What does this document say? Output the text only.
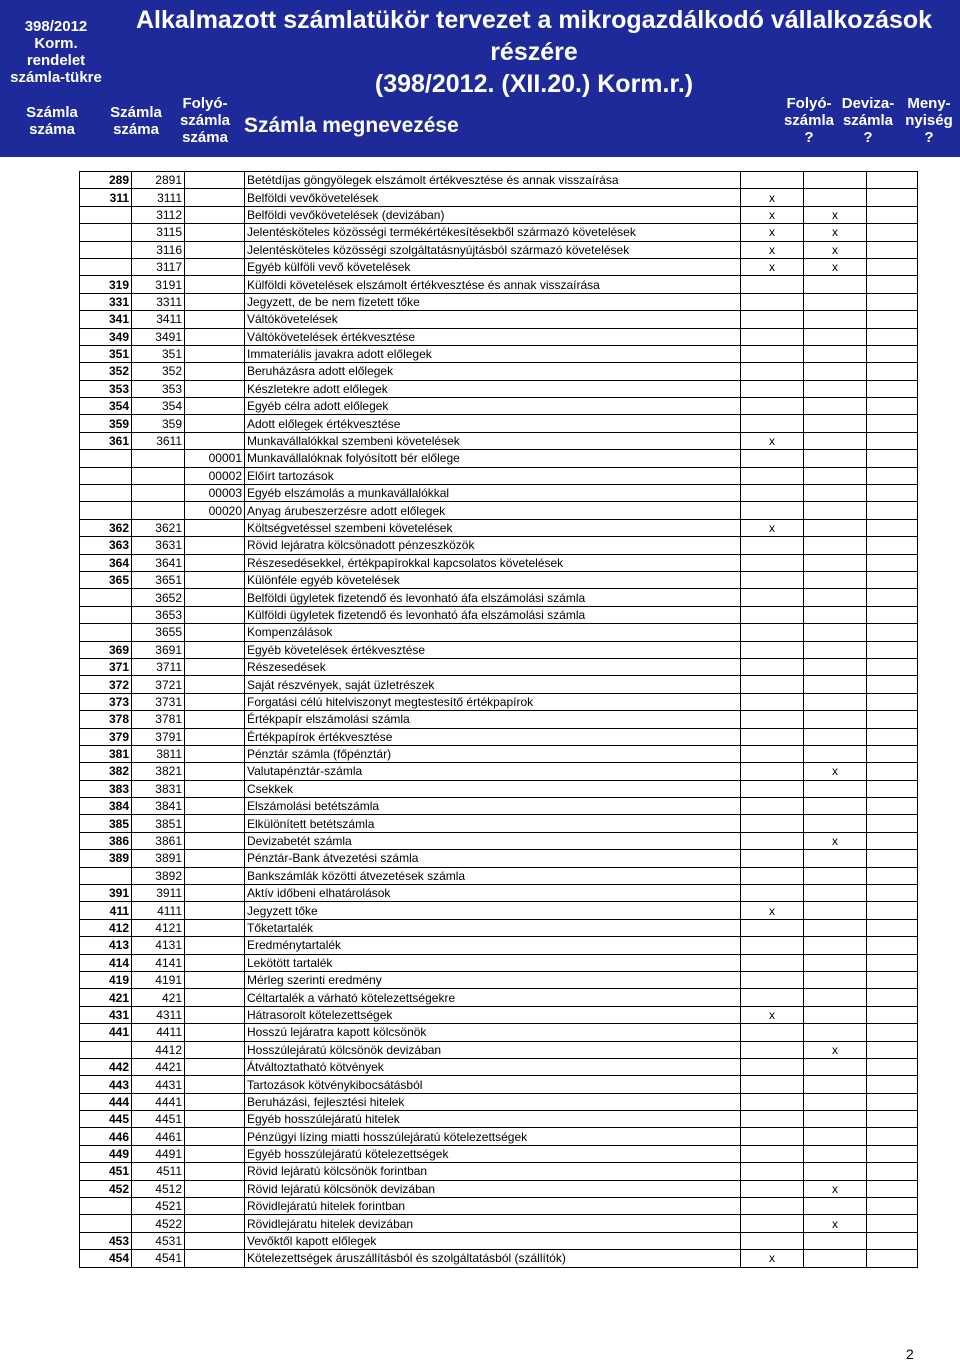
398/2012
Korm.
rendelet
számla-tükre
Alkalmazott számlatükör tervezet a mikrogazdálkodó vállalkozások
részére
(398/2012. (XII.20.) Korm.r.)
Számla
száma
Számla
száma
Folyó-
számla
száma
Számla megnevezése
Folyó-
számla
?
Deviza-
számla
?
Meny-
nyiség
?
289	2891		Betétdíjas göngyölegek elszámolt értékvesztése és annak visszaírása			
311	3111		Belföldi vevőkövetelések	x		
	3112		Belföldi vevőkövetelések (devizában)	x	x	
	3115		Jelentésköteles közösségi termékértékesítésekből származó követelések	x	x	
	3116		Jelentésköteles közösségi szolgáltatásnyújtásból származó követelések	x	x	
	3117		Egyéb külföli vevő követelések	x	x	
319	3191		Külföldi követelések elszámolt értékvesztése és annak visszaírása			
331	3311		Jegyzett, de be nem fizetett tőke			
341	3411		Váltókövetelések			
349	3491		Váltókövetelések értékvesztése			
351	351		Immateriális javakra adott előlegek			
352	352		Beruházásra adott előlegek			
353	353		Készletekre adott előlegek			
354	354		Egyéb célra adott előlegek			
359	359		Adott előlegek értékvesztése			
361	3611		Munkavállalókkal szembeni követelések	x		
		00001	Munkavállalóknak folyósított bér előlege			
		00002	Előírt tartozások			
		00003	Egyéb elszámolás a munkavállalókkal			
		00020	Anyag árubeszerzésre adott előlegek			
362	3621		Költségvetéssel szembeni követelések	x		
363	3631		Rövid lejáratra kölcsönadott pénzeszközök			
364	3641		Részesedésekkel, értékpapírokkal kapcsolatos követelések			
365	3651		Különféle egyéb követelések			
	3652		Belföldi ügyletek fizetendő és levonható áfa elszámolási számla			
	3653		Külföldi ügyletek fizetendő és levonható áfa elszámolási számla			
	3655		Kompenzálások			
369	3691		Egyéb követelések értékvesztése			
371	3711		Részesedések			
372	3721		Saját részvények, saját üzletrészek			
373	3731		Forgatási célú hitelviszonyt megtestesítő értékpapírok			
378	3781		Értékpapír elszámolási számla			
379	3791		Értékpapírok értékvesztése			
381	3811		Pénztár számla (főpénztár)			
382	3821		Valutapénztár-számla		x	
383	3831		Csekkek			
384	3841		Elszámolási betétszámla			
385	3851		Elkülönített betétszámla			
386	3861		Devizabetét számla		x	
389	3891		Pénztár-Bank átvezetési számla			
	3892		Bankszámlák közötti átvezetések számla			
391	3911		Aktív időbeni elhatárolások			
411	4111		Jegyzett tőke	x		
412	4121		Tőketartalék			
413	4131		Eredménytartalék			
414	4141		Lekötött tartalék			
419	4191		Mérleg szerinti eredmény			
421	421		Céltartalék a várható kötelezettségekre			
431	4311		Hátrasorolt kötelezettségek	x		
441	4411		Hosszú lejáratra kapott kölcsönök			
	4412		Hosszúlejáratú kölcsönök devizában		x	
442	4421		Átváltoztatható kötvények			
443	4431		Tartozások kötvénykibocsátásból			
444	4441		Beruházási, fejlesztési hitelek			
445	4451		Egyéb hosszúlejáratú hitelek			
446	4461		Pénzügyi lízing miatti hosszúlejáratú kötelezettségek			
449	4491		Egyéb hosszúlejáratú kötelezettségek			
451	4511		Rövid lejáratú kölcsönök forintban			
452	4512		Rövid lejáratú kölcsönök devizában		x	
	4521		Rövidlejáratú hitelek forintban			
	4522		Rövidlejáratu hitelek devizában		x	
453	4531		Vevőktől kapott előlegek			
454	4541		Kötelezettségek áruszállításból és szolgáltatásból (szállítók)	x		
2
